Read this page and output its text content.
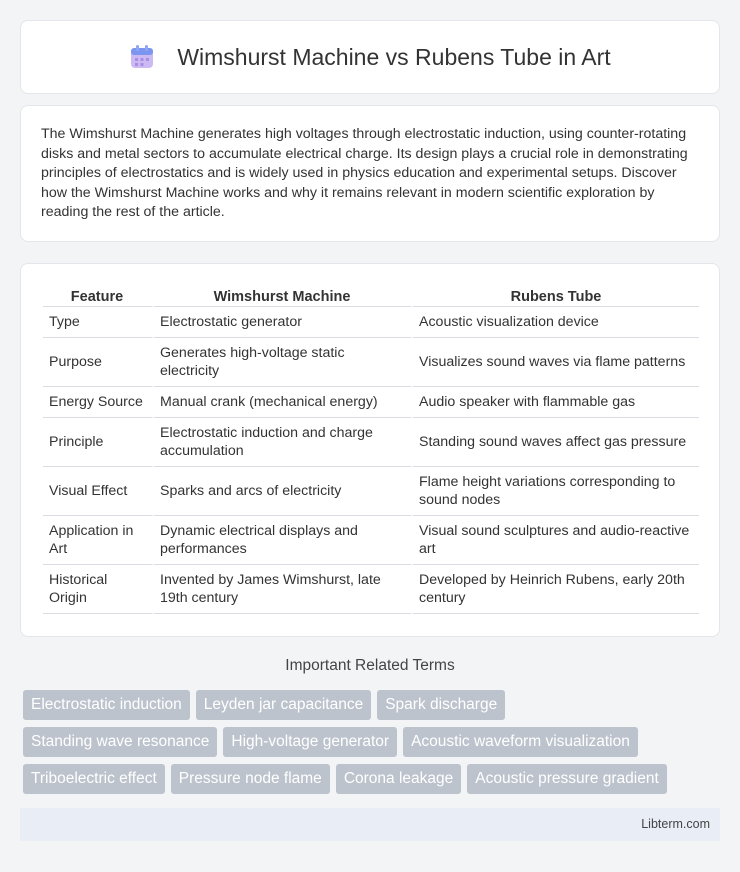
Wimshurst Machine vs Rubens Tube in Art

The Wimshurst Machine generates high voltages through electrostatic induction, using counter-rotating disks and metal sectors to accumulate electrical charge. Its design plays a crucial role in demonstrating principles of electrostatics and is widely used in physics education and experimental setups. Discover how the Wimshurst Machine works and why it remains relevant in modern scientific exploration by reading the rest of the article.

Feature	Wimshurst Machine	Rubens Tube
Type	Electrostatic generator	Acoustic visualization device
Purpose	Generates high-voltage static electricity	Visualizes sound waves via flame patterns
Energy Source	Manual crank (mechanical energy)	Audio speaker with flammable gas
Principle	Electrostatic induction and charge accumulation	Standing sound waves affect gas pressure
Visual Effect	Sparks and arcs of electricity	Flame height variations corresponding to sound nodes
Application in Art	Dynamic electrical displays and performances	Visual sound sculptures and audio-reactive art
Historical Origin	Invented by James Wimshurst, late 19th century	Developed by Heinrich Rubens, early 20th century
Important Related Terms
Electrostatic induction	Leyden jar capacitance	Spark discharge
Standing wave resonance	High-voltage generator	Acoustic waveform visualization
Triboelectric effect	Pressure node flame	Corona leakage	Acoustic pressure gradient
Libterm.com
